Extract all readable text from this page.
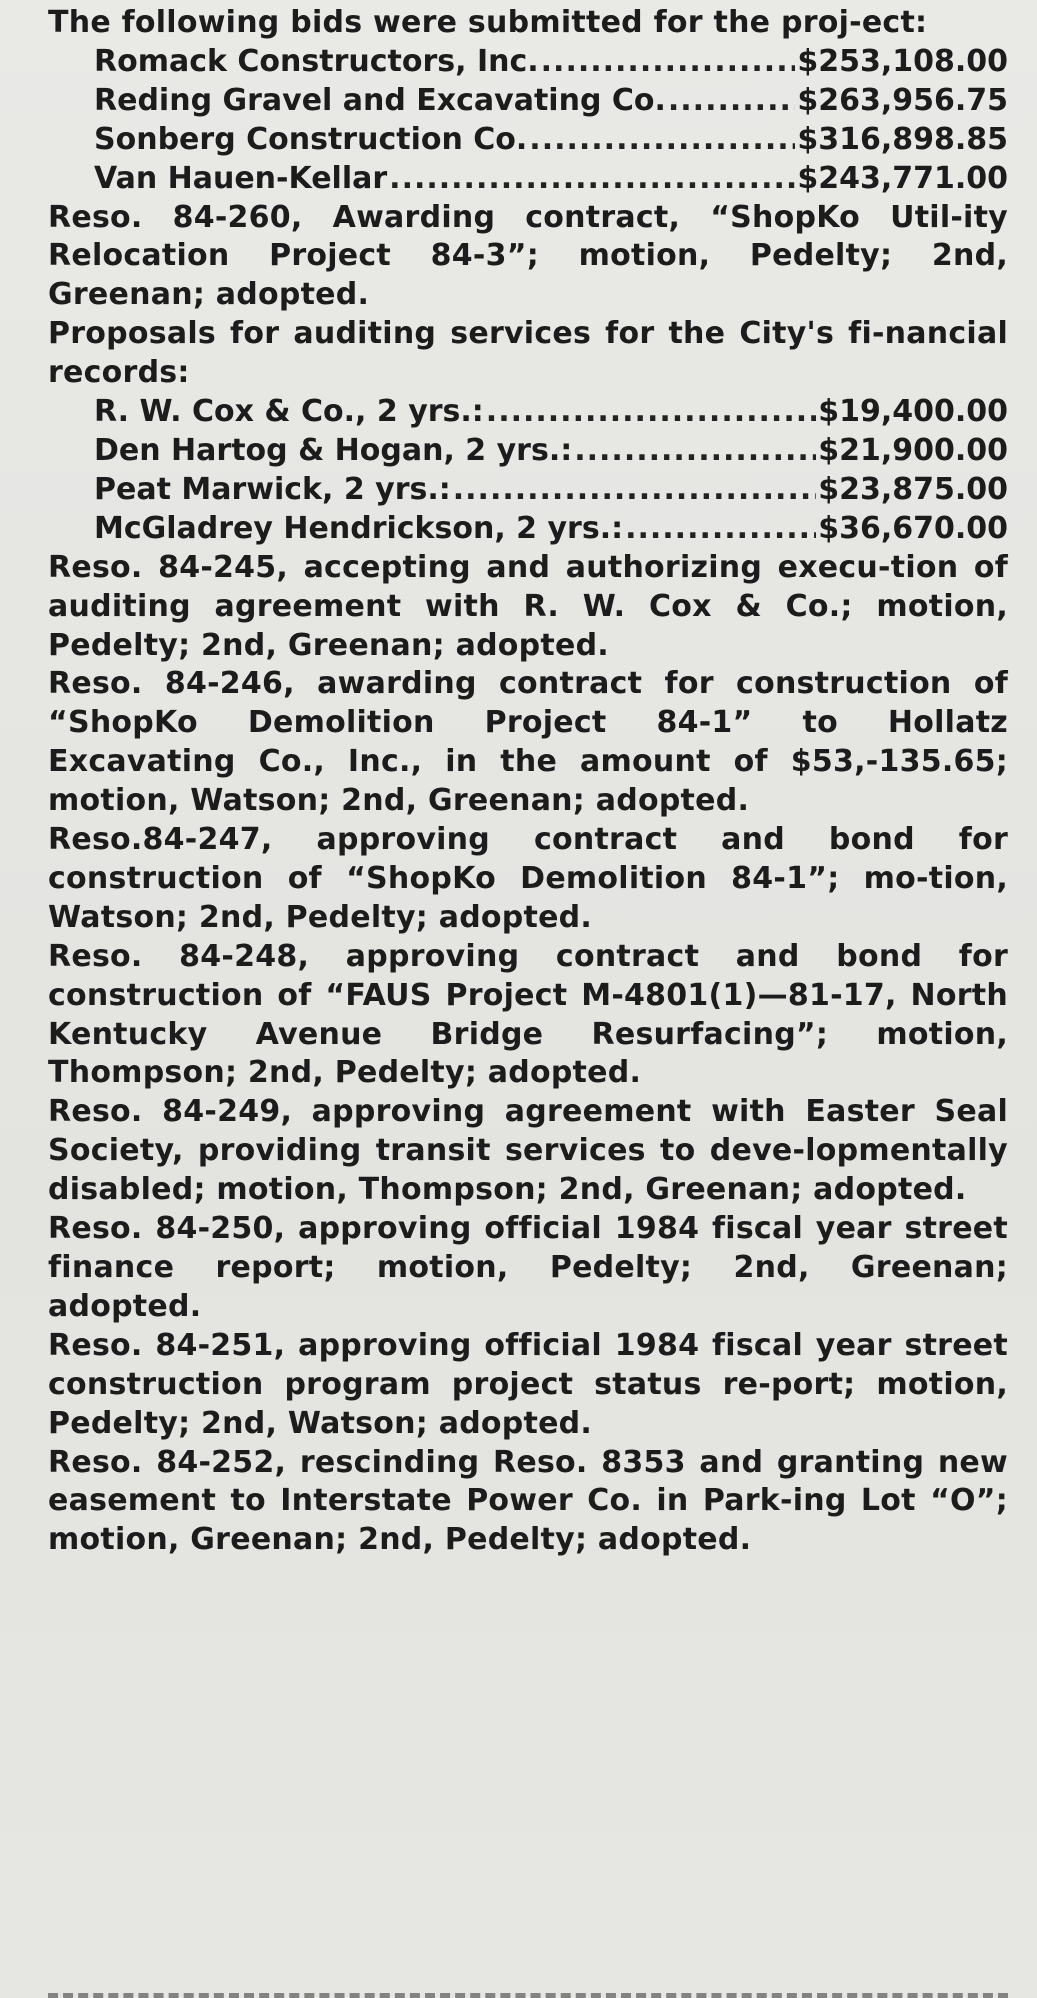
The following bids were submitted for the proj-ect:
Romack Constructors, Inc. .....	$253,108.00
Reding Gravel and Excavating Co. .....	$263,956.75
Sonberg Construction Co. .....	$316,898.85
Van Hauen-Kellar .....	$243,771.00
Reso. 84-260, Awarding contract, “ShopKo Util-ity Relocation Project 84-3”; motion, Pedelty; 2nd, Greenan; adopted.
Proposals for auditing services for the City's fi-nancial records:
R. W. Cox & Co., 2 yrs.: .....	$19,400.00
Den Hartog & Hogan, 2 yrs.: .....	$21,900.00
Peat Marwick, 2 yrs.: .....	$23,875.00
McGladrey Hendrickson, 2 yrs.: .....	$36,670.00
Reso. 84-245, accepting and authorizing execu-tion of auditing agreement with R. W. Cox & Co.; motion, Pedelty; 2nd, Greenan; adopted.
Reso. 84-246, awarding contract for construction of “ShopKo Demolition Project 84-1” to Hollatz Excavating Co., Inc., in the amount of $53,-135.65; motion, Watson; 2nd, Greenan; adopted.
Reso.84-247, approving contract and bond for construction of “ShopKo Demolition 84-1”; mo-tion, Watson; 2nd, Pedelty; adopted.
Reso. 84-248, approving contract and bond for construction of “FAUS Project M-4801(1)—81-17, North Kentucky Avenue Bridge Resurfacing”; motion, Thompson; 2nd, Pedelty; adopted.
Reso. 84-249, approving agreement with Easter Seal Society, providing transit services to deve-lopmentally disabled; motion, Thompson; 2nd, Greenan; adopted.
Reso. 84-250, approving official 1984 fiscal year street finance report; motion, Pedelty; 2nd, Greenan; adopted.
Reso. 84-251, approving official 1984 fiscal year street construction program project status re-port; motion, Pedelty; 2nd, Watson; adopted.
Reso. 84-252, rescinding Reso. 8353 and granting new easement to Interstate Power Co. in Park-ing Lot “O”; motion, Greenan; 2nd, Pedelty; adopted.
